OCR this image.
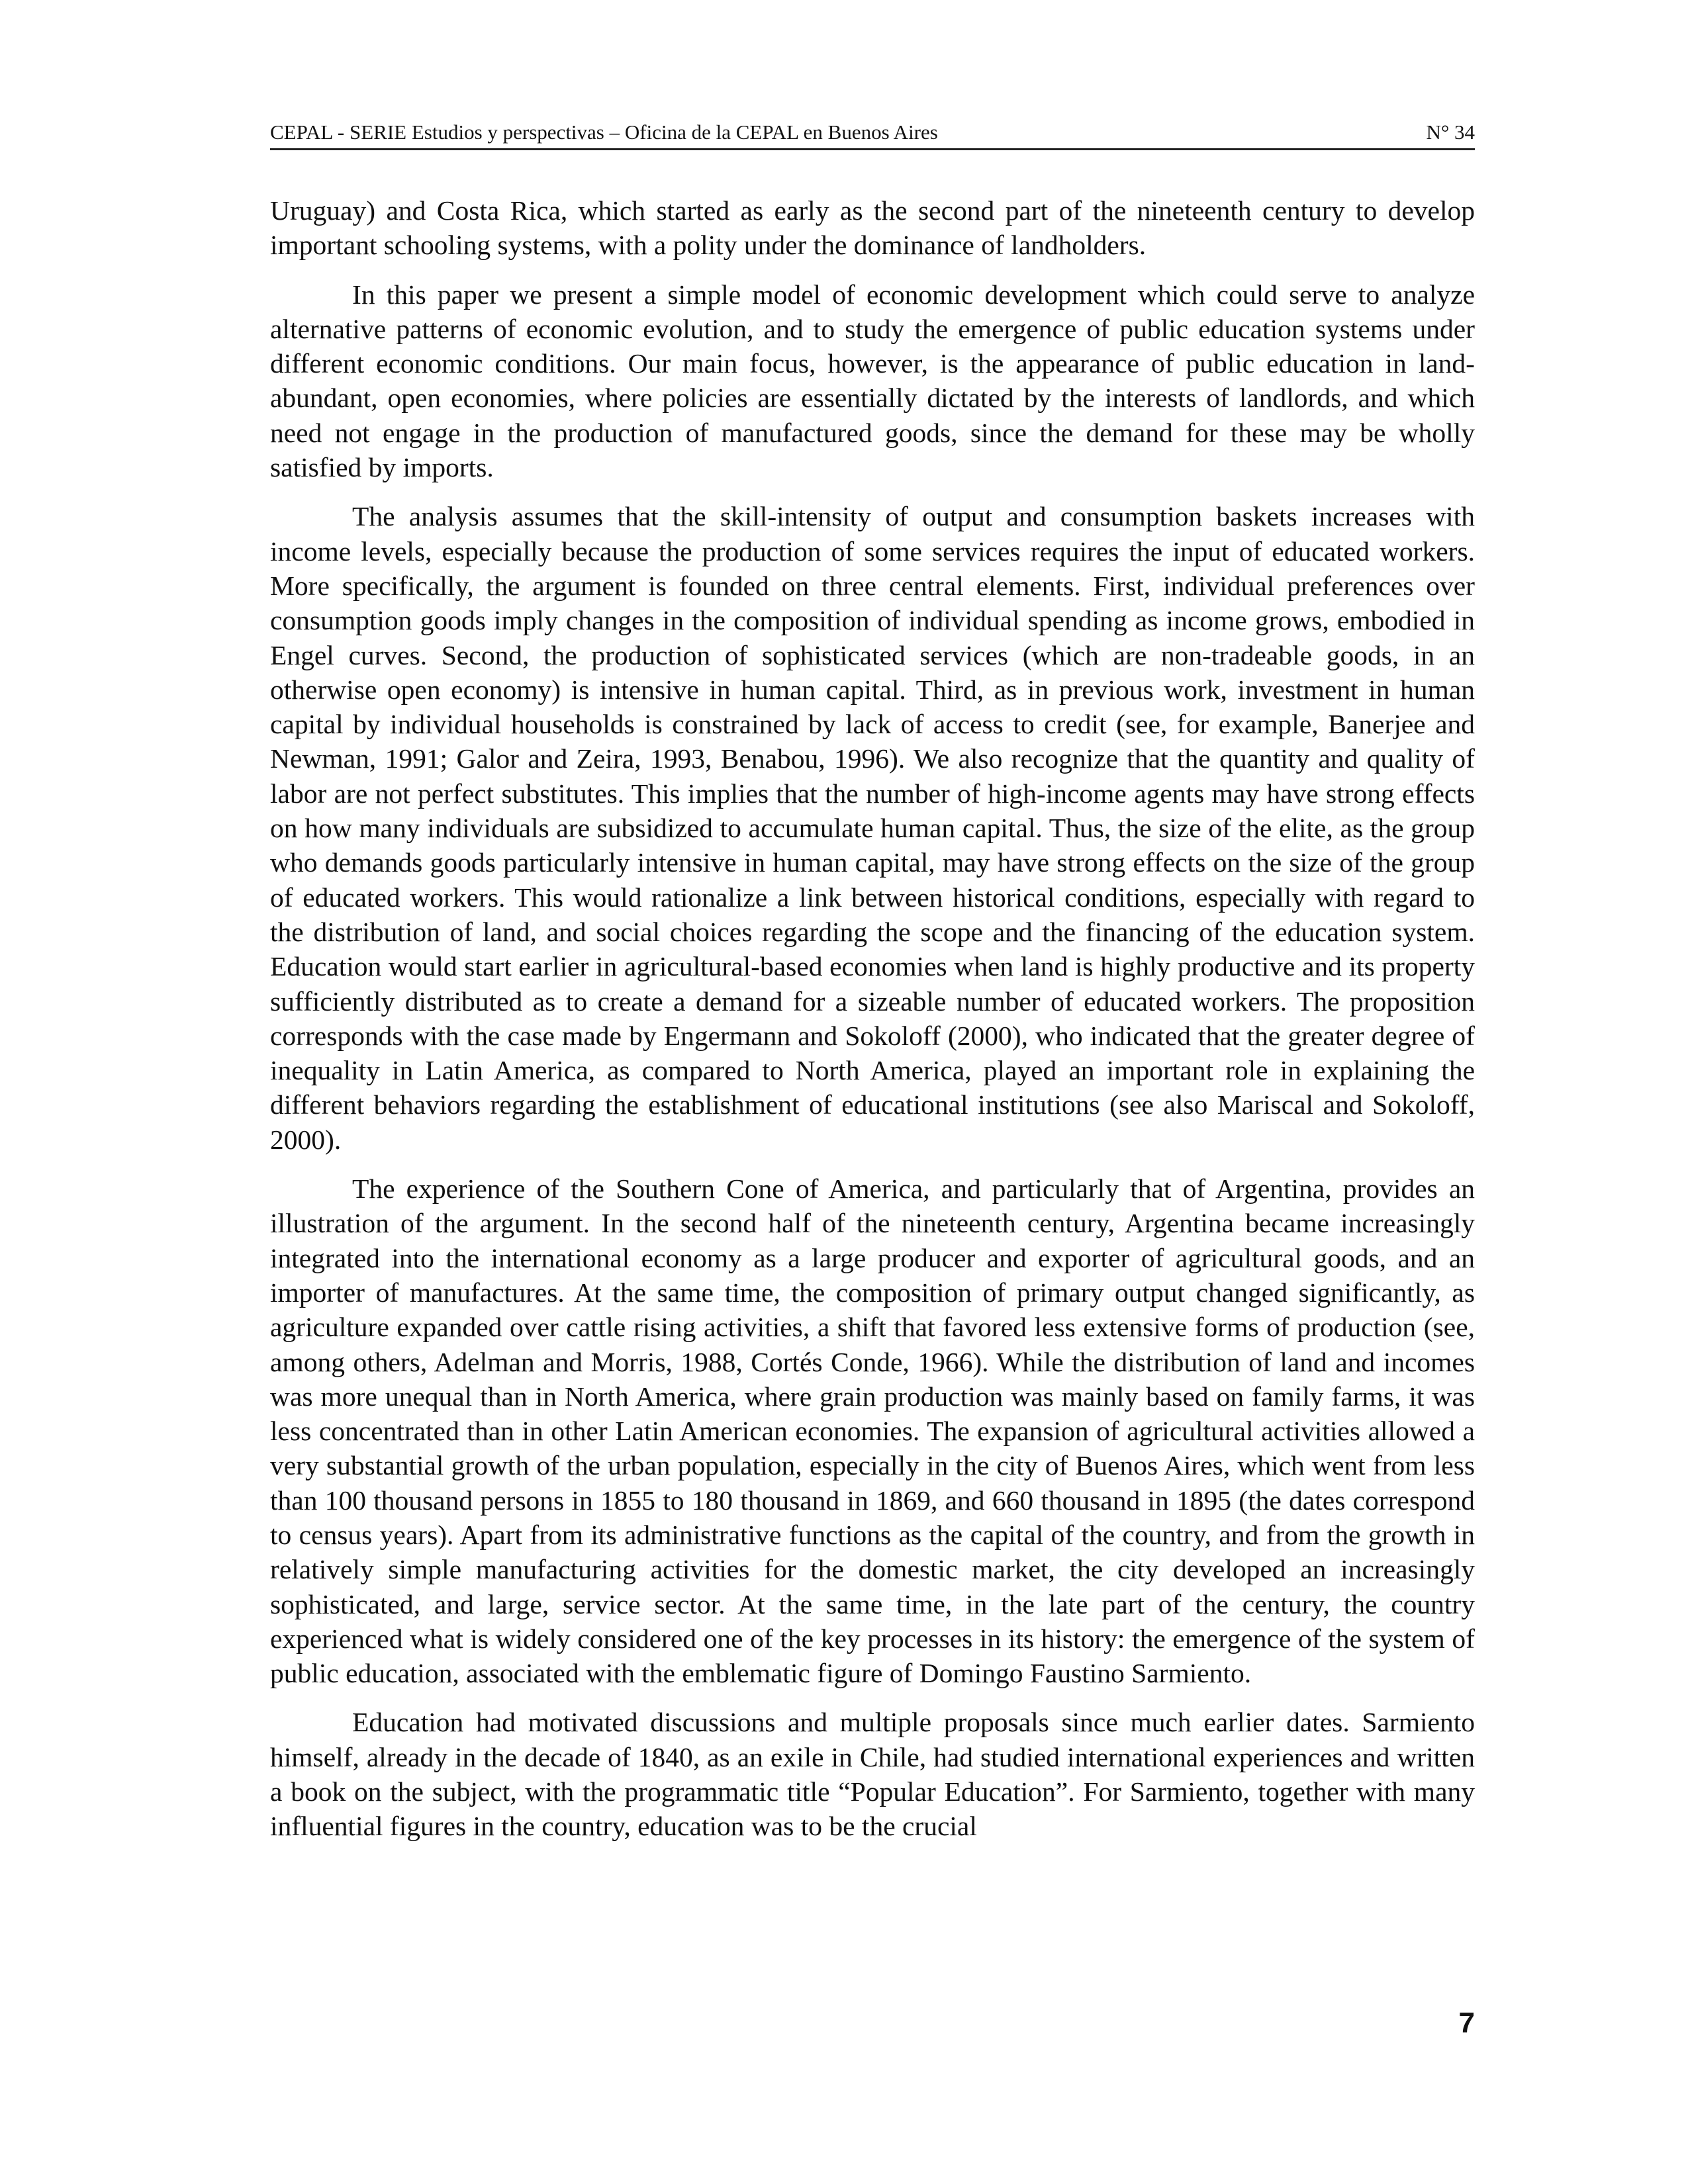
CEPAL - SERIE Estudios y perspectivas – Oficina de la CEPAL en Buenos Aires	N° 34

Uruguay) and Costa Rica, which started as early as the second part of the nineteenth century to develop important schooling systems, with a polity under the dominance of landholders.

In this paper we present a simple model of economic development which could serve to analyze alternative patterns of economic evolution, and to study the emergence of public education systems under different economic conditions. Our main focus, however, is the appearance of public education in land-abundant, open economies, where policies are essentially dictated by the interests of landlords, and which need not engage in the production of manufactured goods, since the demand for these may be wholly satisfied by imports.

The analysis assumes that the skill-intensity of output and consumption baskets increases with income levels, especially because the production of some services requires the input of educated workers. More specifically, the argument is founded on three central elements. First, individual preferences over consumption goods imply changes in the composition of individual spending as income grows, embodied in Engel curves. Second, the production of sophisticated services (which are non-tradeable goods, in an otherwise open economy) is intensive in human capital. Third, as in previous work, investment in human capital by individual households is constrained by lack of access to credit (see, for example, Banerjee and Newman, 1991; Galor and Zeira, 1993, Benabou, 1996). We also recognize that the quantity and quality of labor are not perfect substitutes. This implies that the number of high-income agents may have strong effects on how many individuals are subsidized to accumulate human capital. Thus, the size of the elite, as the group who demands goods particularly intensive in human capital, may have strong effects on the size of the group of educated workers. This would rationalize a link between historical conditions, especially with regard to the distribution of land, and social choices regarding the scope and the financing of the education system. Education would start earlier in agricultural-based economies when land is highly productive and its property sufficiently distributed as to create a demand for a sizeable number of educated workers. The proposition corresponds with the case made by Engermann and Sokoloff (2000), who indicated that the greater degree of inequality in Latin America, as compared to North America, played an important role in explaining the different behaviors regarding the establishment of educational institutions (see also Mariscal and Sokoloff, 2000).

The experience of the Southern Cone of America, and particularly that of Argentina, provides an illustration of the argument. In the second half of the nineteenth century, Argentina became increasingly integrated into the international economy as a large producer and exporter of agricultural goods, and an importer of manufactures. At the same time, the composition of primary output changed significantly, as agriculture expanded over cattle rising activities, a shift that favored less extensive forms of production (see, among others, Adelman and Morris, 1988, Cortés Conde, 1966). While the distribution of land and incomes was more unequal than in North America, where grain production was mainly based on family farms, it was less concentrated than in other Latin American economies. The expansion of agricultural activities allowed a very substantial growth of the urban population, especially in the city of Buenos Aires, which went from less than 100 thousand persons in 1855 to 180 thousand in 1869, and 660 thousand in 1895 (the dates correspond to census years). Apart from its administrative functions as the capital of the country, and from the growth in relatively simple manufacturing activities for the domestic market, the city developed an increasingly sophisticated, and large, service sector. At the same time, in the late part of the century, the country experienced what is widely considered one of the key processes in its history: the emergence of the system of public education, associated with the emblematic figure of Domingo Faustino Sarmiento.

Education had motivated discussions and multiple proposals since much earlier dates. Sarmiento himself, already in the decade of 1840, as an exile in Chile, had studied international experiences and written a book on the subject, with the programmatic title “Popular Education”. For Sarmiento, together with many influential figures in the country, education was to be the crucial

7
